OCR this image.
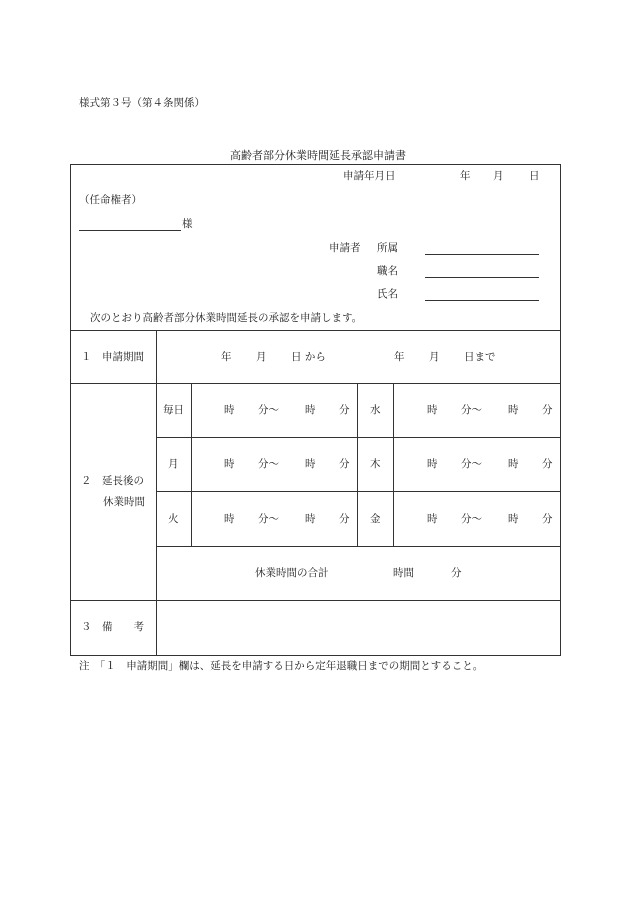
様式第３号（第４条関係）
高齢者部分休業時間延長承認申請書
申請年月日	年 月 日
（任命権者）
様
申請者 所属
職名
氏名
次のとおり高齢者部分休業時間延長の承認を申請します。
１　申請期間	年 月 日 から	年 月 日まで
２　延長後の
休業時間
毎日	時 分～ 時 分 水	時 分～ 時 分
月	時 分～ 時 分 木	時 分～ 時 分
火	時 分～ 時 分 金	時 分～ 時 分
休業時間の合計	時間	分
３　備　　考
注　「１　申請期間」欄は、延長を申請する日から定年退職日までの期間とすること。
